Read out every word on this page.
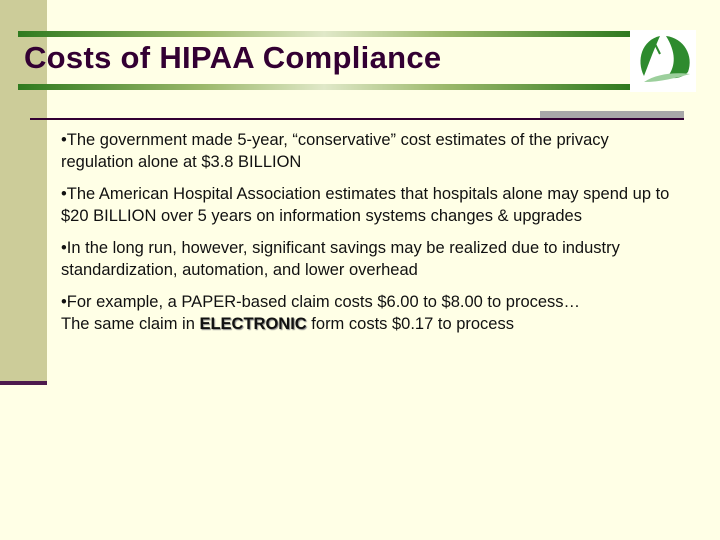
Costs of HIPAA Compliance

•The government made 5-year, “conservative” cost estimates of the privacy regulation alone at $3.8 BILLION

•The American Hospital Association estimates that hospitals alone may spend up to $20 BILLION over 5 years on information systems changes & upgrades

•In the long run, however, significant savings may be realized due to industry standardization, automation, and lower overhead

•For example, a PAPER-based claim costs $6.00 to $8.00 to process…
The same claim in ELECTRONIC form costs $0.17 to process
